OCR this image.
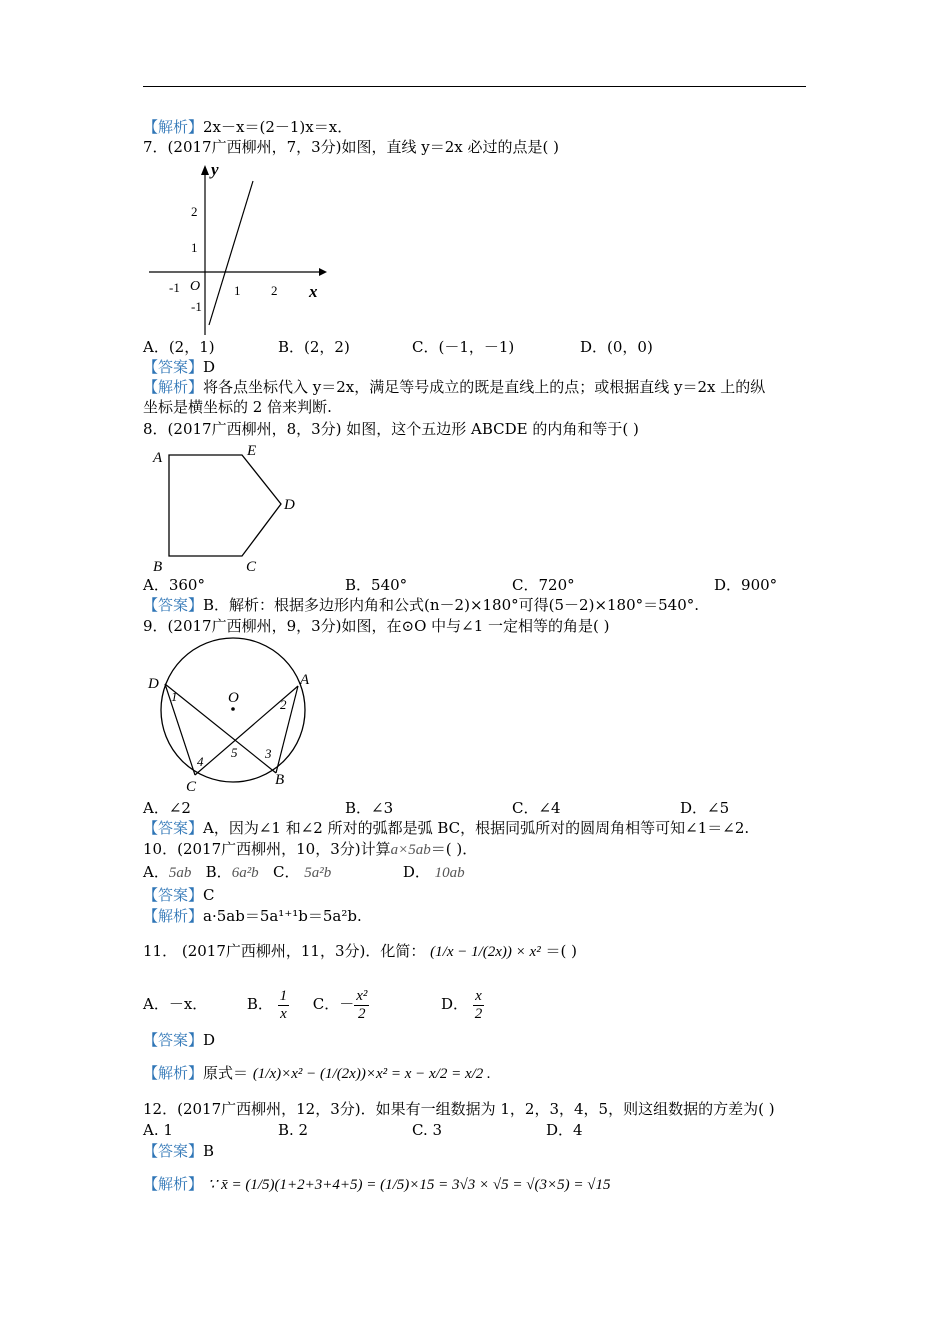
【解析】2x－x＝(2－1)x＝x．
7．(2017广西柳州，7，3分)如图，直线 y＝2x 必过的点是( )
y
x
O
-1	1 2
2
1
-1
A．(2，1)	B．(2，2)	C．(－1，－1)	D．(0，0)
【答案】D
【解析】将各点坐标代入 y＝2x，满足等号成立的既是直线上的点；或根据直线 y＝2x 上的纵
坐标是横坐标的 2 倍来判断.
8．(2017广西柳州，8，3分) 如图，这个五边形 ABCDE 的内角和等于( )
A	E
D
B	C
A．360°	B．540°	C．720°	D．900°
【答案】B．解析：根据多边形内角和公式(n－2)×180°可得(5－2)×180°＝540°.
9．(2017广西柳州，9，3分)如图，在⊙O 中与∠1 一定相等的角是( )
D	A
O
1
2
5
4
3
C	B
A．∠2	B．∠3	C．∠4	D．∠5
【答案】A，因为∠1 和∠2 所对的弧都是弧 BC，根据同弧所对的圆周角相等可知∠1＝∠2.
10．(2017广西柳州，10，3分)计算a×5ab＝( )．
A．5ab B．6a²b C． 5a²b	D． 10ab
【答案】C
【解析】a·5ab＝5a¹⁺¹b＝5a²b.
11． (2017广西柳州，11，3分)．化简： (1/x − 1/(2x)) × x² ＝( )
A．－x．	B． $\frac{1}{x}$ C．－ $\frac{\text{x²}}{2}$	D． $\frac{x}{2}$
【答案】D
【解析】原式＝ (1/x)×x² − (1/(2x))×x² = x − x/2 = x/2 .
12．(2017广西柳州，12，3分)．如果有一组数据为 1，2，3，4，5，则这组数据的方差为( )
A. 1	B. 2	C. 3	D．4
【答案】B
【解析】 ∵ x̄ = (1/5)(1+2+3+4+5) = (1/5)×15 = 3√3 × √5 = √(3×5) = √15
